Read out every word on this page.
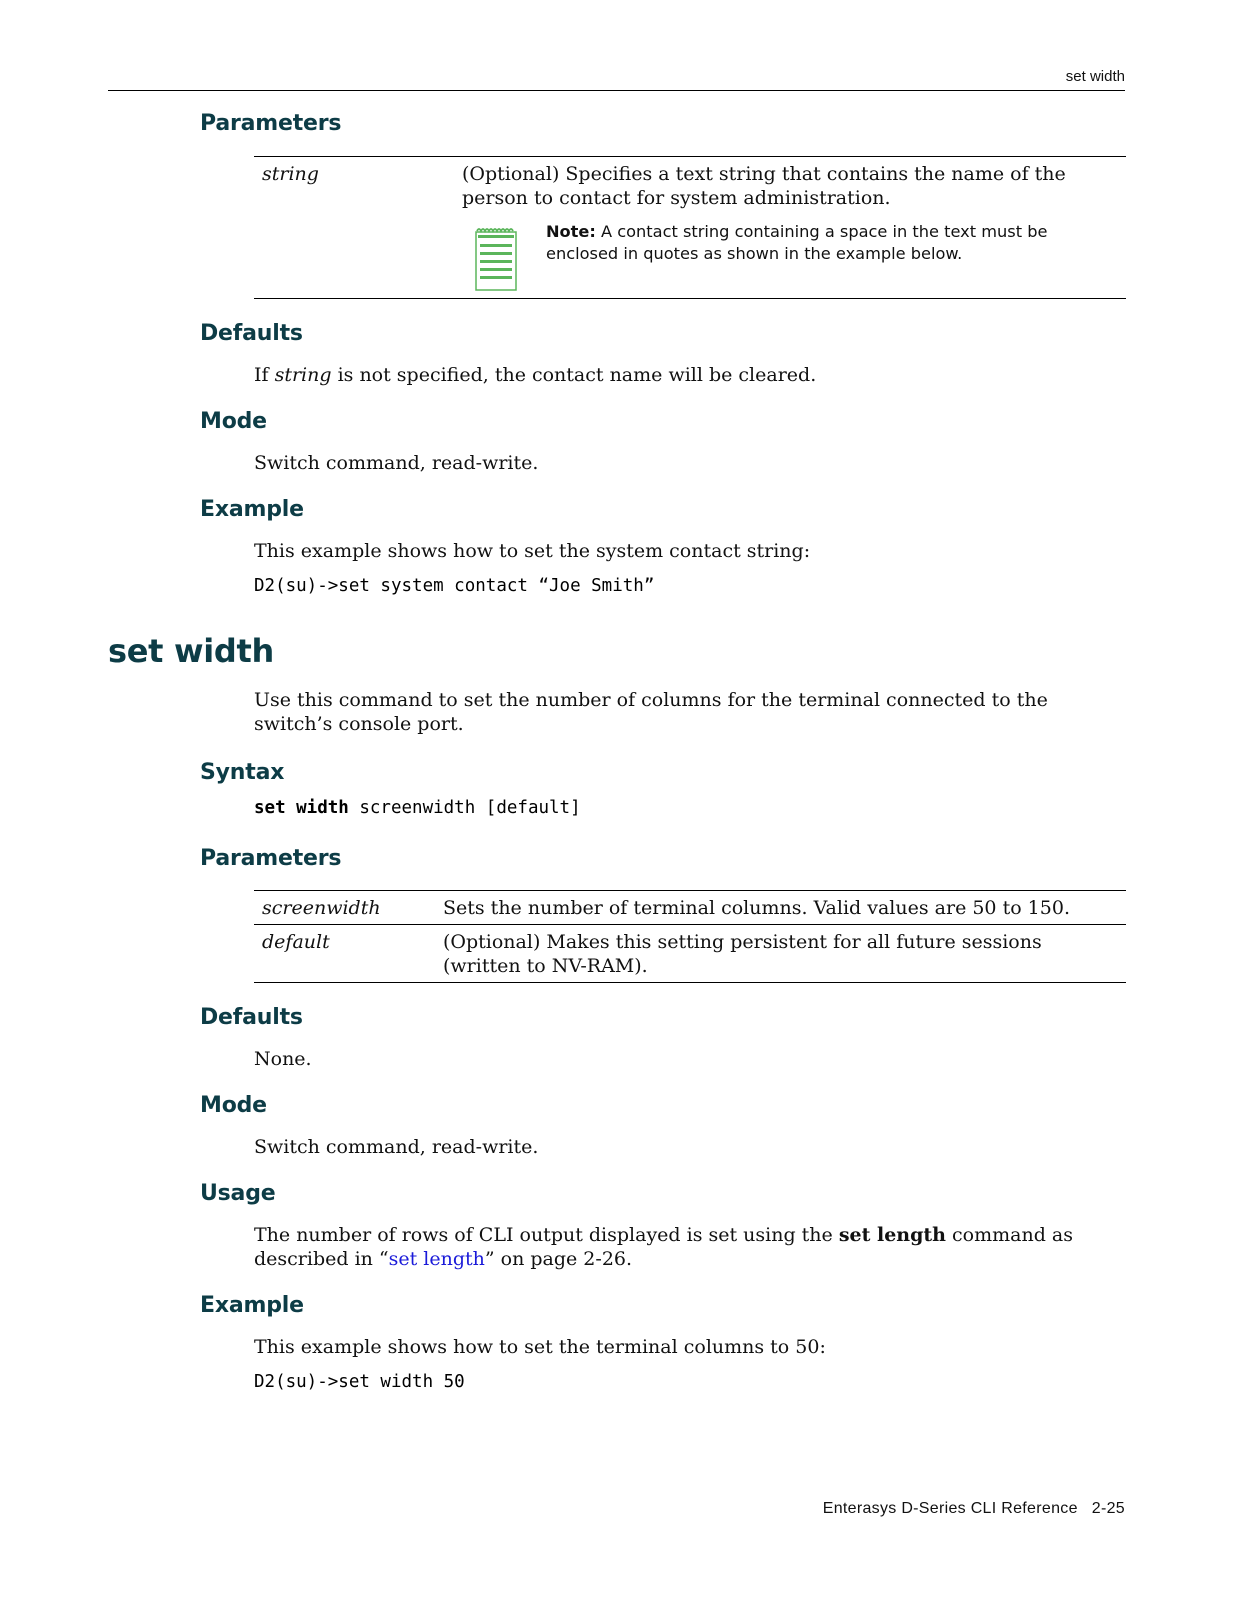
set width
Parameters
string	(Optional) Specifies a text string that contains the name of the person to contact for system administration.
Note: A contact string containing a space in the text must be enclosed in quotes as shown in the example below.
Defaults
If string is not specified, the contact name will be cleared.
Mode
Switch command, read-write.
Example
This example shows how to set the system contact string:
D2(su)->set system contact “Joe Smith”
set width
Use this command to set the number of columns for the terminal connected to the switch’s console port.
Syntax
set width screenwidth [default]
Parameters
screenwidth	Sets the number of terminal columns. Valid values are 50 to 150.
default	(Optional) Makes this setting persistent for all future sessions (written to NV-RAM).
Defaults
None.
Mode
Switch command, read-write.
Usage
The number of rows of CLI output displayed is set using the set length command as described in “set length” on page 2-26.
Example
This example shows how to set the terminal columns to 50:
D2(su)->set width 50
Enterasys D-Series CLI Reference 2-25
